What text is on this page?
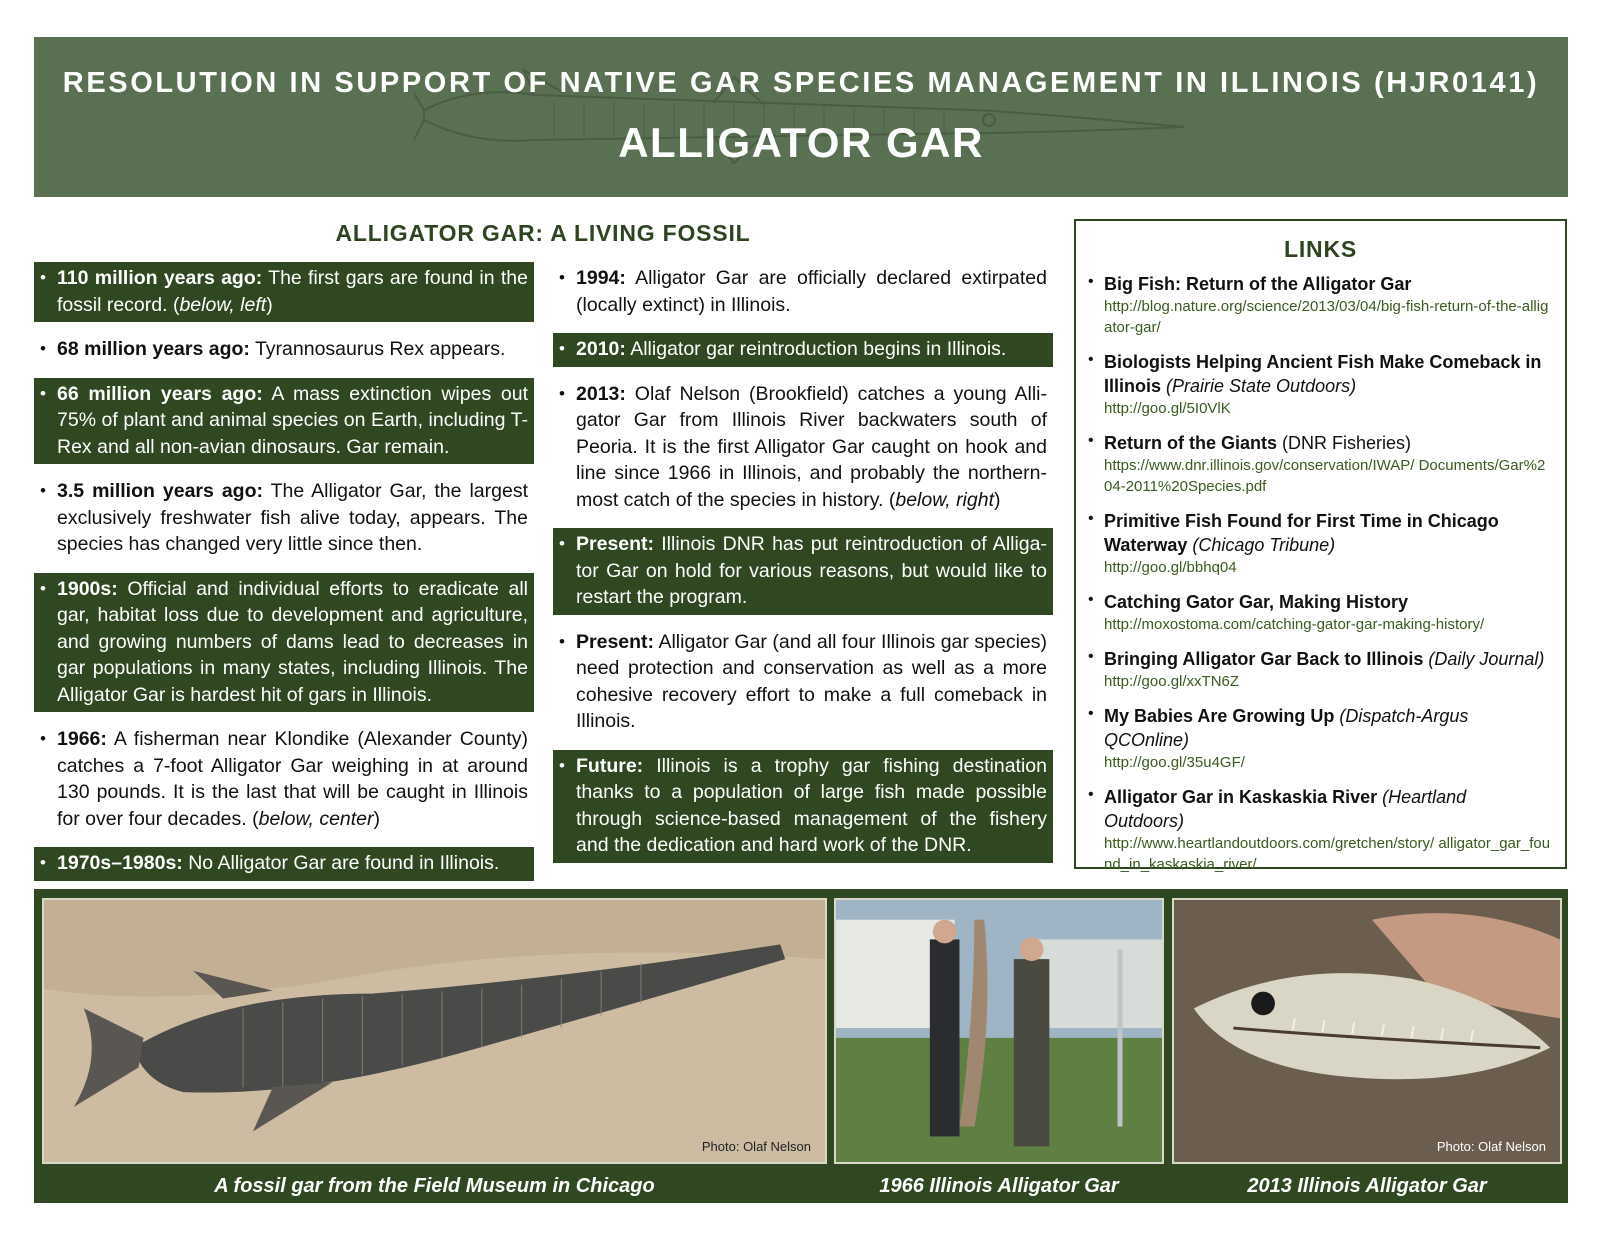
RESOLUTION IN SUPPORT OF NATIVE GAR SPECIES MANAGEMENT IN ILLINOIS (HJR0141)
ALLIGATOR GAR
ALLIGATOR GAR: A LIVING FOSSIL
• 110 million years ago: The first gars are found in the fossil record. (below, left)
• 68 million years ago: Tyrannosaurus Rex appears.
• 66 million years ago: A mass extinction wipes out 75% of plant and animal species on Earth, including T-Rex and all non-avian dinosaurs. Gar remain.
• 3.5 million years ago: The Alligator Gar, the largest exclusively freshwater fish alive today, appears. The species has changed very little since then.
• 1900s: Official and individual efforts to eradicate all gar, habitat loss due to development and agriculture, and growing numbers of dams lead to decreases in gar populations in many states, including Illinois. The Alligator Gar is hardest hit of gars in Illinois.
• 1966: A fisherman near Klondike (Alexander County) catches a 7-foot Alligator Gar weighing in at around 130 pounds. It is the last that will be caught in Illinois for over four decades. (below, center)
• 1970s–1980s: No Alligator Gar are found in Illinois.
• 1994: Alligator Gar are officially declared extirpated (locally extinct) in Illinois.
• 2010: Alligator gar reintroduction begins in Illinois.
• 2013: Olaf Nelson (Brookfield) catches a young Alligator Gar from Illinois River backwaters south of Peoria. It is the first Alligator Gar caught on hook and line since 1966 in Illinois, and probably the northernmost catch of the species in history. (below, right)
• Present: Illinois DNR has put reintroduction of Alligator Gar on hold for various reasons, but would like to restart the program.
• Present: Alligator Gar (and all four Illinois gar species) need protection and conservation as well as a more cohesive recovery effort to make a full comeback in Illinois.
• Future: Illinois is a trophy gar fishing destination thanks to a population of large fish made possible through science-based management of the fishery and the dedication and hard work of the DNR.
LINKS
• Big Fish: Return of the Alligator Gar
http://blog.nature.org/science/2013/03/04/big-fish-return-of-the-alligator-gar/
• Biologists Helping Ancient Fish Make Comeback in Illinois (Prairie State Outdoors)
http://goo.gl/5I0VlK
• Return of the Giants (DNR Fisheries)
https://www.dnr.illinois.gov/conservation/IWAP/ Documents/Gar%204-2011%20Species.pdf
• Primitive Fish Found for First Time in Chicago Waterway (Chicago Tribune)
http://goo.gl/bbhq04
• Catching Gator Gar, Making History
http://moxostoma.com/catching-gator-gar-making-history/
• Bringing Alligator Gar Back to Illinois (Daily Journal)
http://goo.gl/xxTN6Z
• My Babies Are Growing Up (Dispatch-Argus QCOnline)
http://goo.gl/35u4GF/
• Alligator Gar in Kaskaskia River (Heartland Outdoors)
http://www.heartlandoutdoors.com/gretchen/story/ alligator_gar_found_in_kaskaskia_river/
Photo: Olaf Nelson	Photo: Olaf Nelson
A fossil gar from the Field Museum in Chicago	1966 Illinois Alligator Gar	2013 Illinois Alligator Gar
